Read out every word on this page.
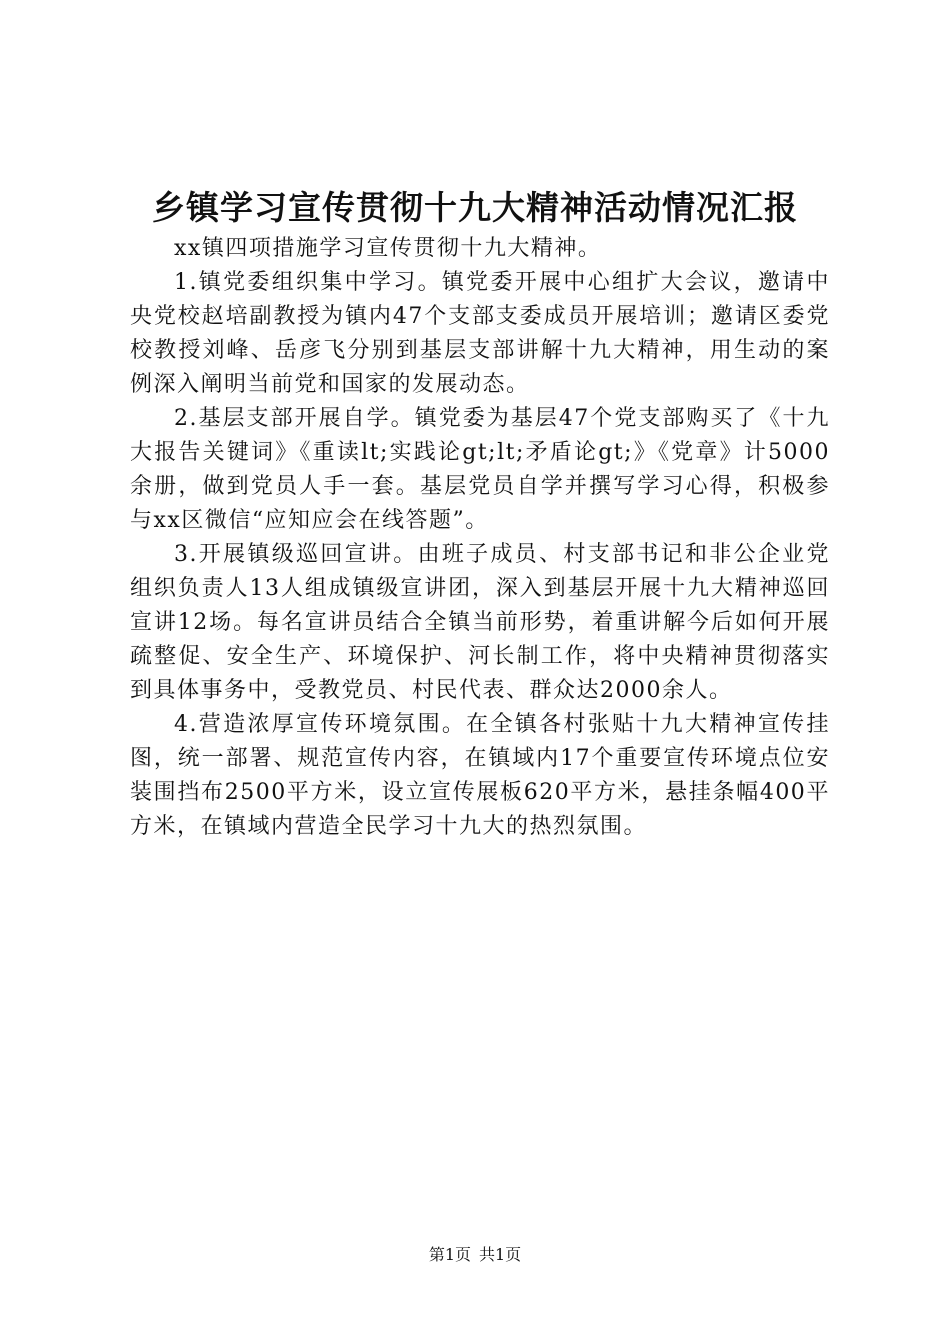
乡镇学习宣传贯彻十九大精神活动情况汇报

xx镇四项措施学习宣传贯彻十九大精神。

1.镇党委组织集中学习。镇党委开展中心组扩大会议，邀请中央党校赵培副教授为镇内47个支部支委成员开展培训；邀请区委党校教授刘峰、岳彦飞分别到基层支部讲解十九大精神，用生动的案例深入阐明当前党和国家的发展动态。

2.基层支部开展自学。镇党委为基层47个党支部购买了《十九大报告关键词》《重读lt;实践论gt;lt;矛盾论gt;》《党章》计5000余册，做到党员人手一套。基层党员自学并撰写学习心得，积极参与xx区微信“应知应会在线答题”。

3.开展镇级巡回宣讲。由班子成员、村支部书记和非公企业党组织负责人13人组成镇级宣讲团，深入到基层开展十九大精神巡回宣讲12场。每名宣讲员结合全镇当前形势，着重讲解今后如何开展疏整促、安全生产、环境保护、河长制工作，将中央精神贯彻落实到具体事务中，受教党员、村民代表、群众达2000余人。

4.营造浓厚宣传环境氛围。在全镇各村张贴十九大精神宣传挂图，统一部署、规范宣传内容，在镇域内17个重要宣传环境点位安装围挡布2500平方米，设立宣传展板620平方米，悬挂条幅400平方米，在镇域内营造全民学习十九大的热烈氛围。

第1页 共1页
